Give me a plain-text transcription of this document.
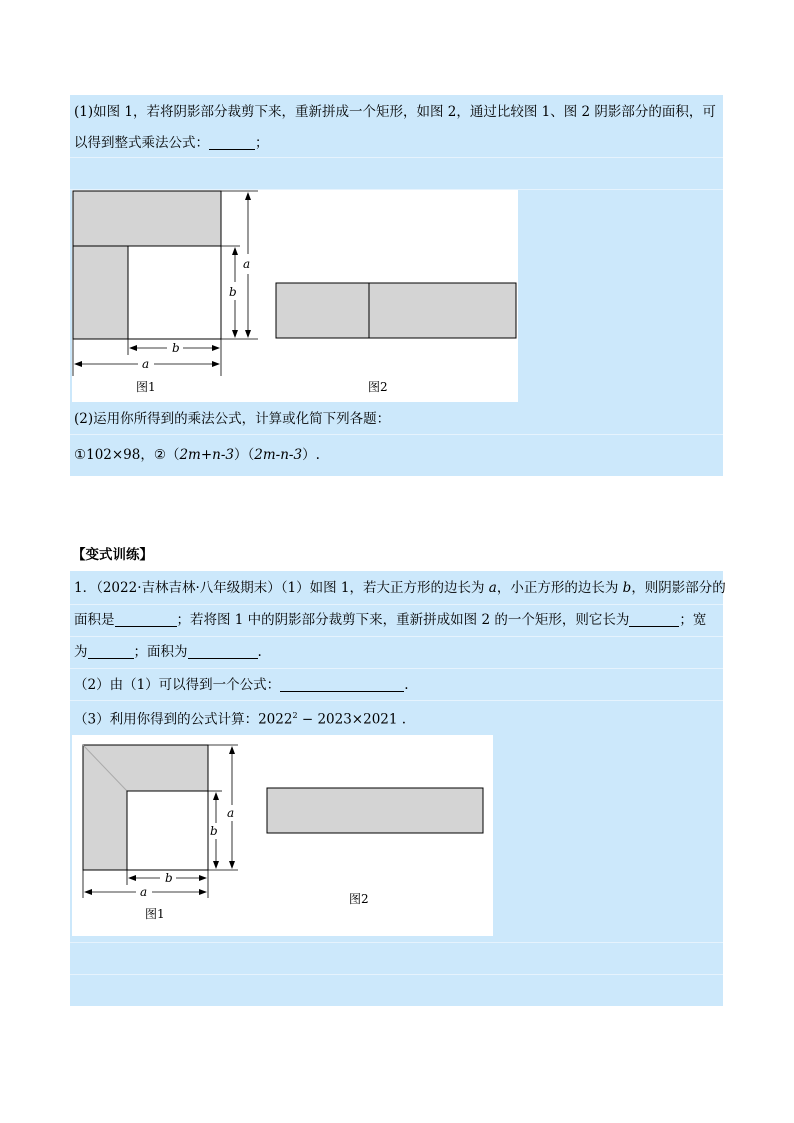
(1)如图 1，若将阴影部分裁剪下来，重新拼成一个矩形，如图 2，通过比较图 1、图 2 阴影部分的面积，可
以得到整式乘法公式：	；
a
b
b
a
图1	图2
(2)运用你所得到的乘法公式，计算或化简下列各题：
①102×98，②（2m+n-3）（2m-n-3）.
【变式训练】
1．（2022·吉林吉林·八年级期末）（1）如图 1，若大正方形的边长为 a，小正方形的边长为 b，则阴影部分的
面积是	；若将图 1 中的阴影部分裁剪下来，重新拼成如图 2 的一个矩形，则它长为	；宽
为	；面积为	.
（2）由（1）可以得到一个公式：	.
（3）利用你得到的公式计算：$2022^2 - 2023\times 2021$ .
a
b
b
a
图1
图2
